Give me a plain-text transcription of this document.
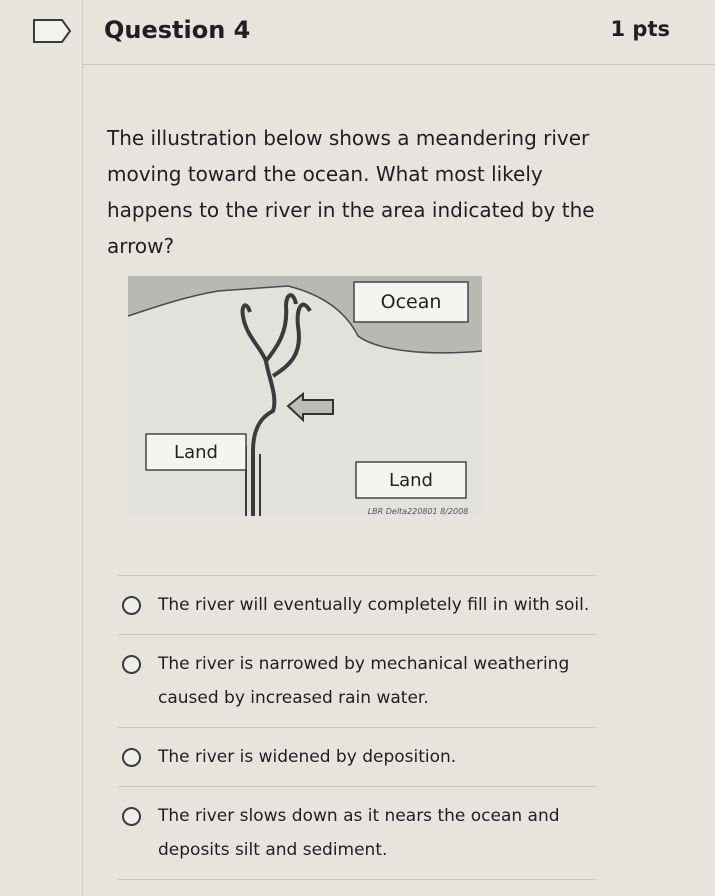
Question 4	1 pts
The illustration below shows a meandering river moving toward the ocean. What most likely happens to the river in the area indicated by the arrow?
Ocean
Land
Land
LBR Delta220801 8/2008
The river will eventually completely fill in with soil.
The river is narrowed by mechanical weathering caused by increased rain water.
The river is widened by deposition.
The river slows down as it nears the ocean and deposits silt and sediment.
